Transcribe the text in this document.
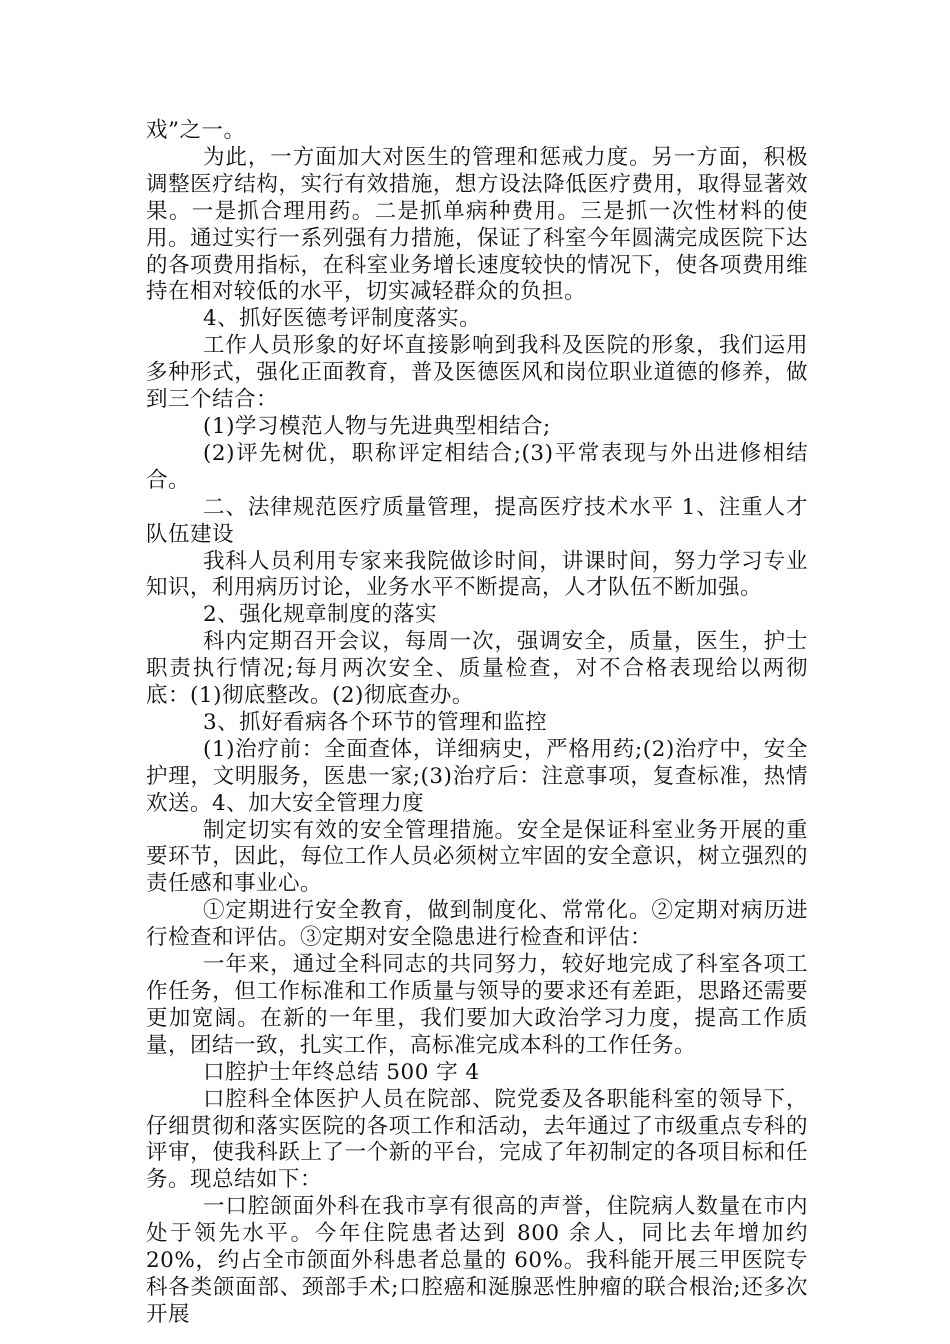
戏”之一。

为此，一方面加大对医生的管理和惩戒力度。另一方面，积极调整医疗结构，实行有效措施，想方设法降低医疗费用，取得显著效果。一是抓合理用药。二是抓单病种费用。三是抓一次性材料的使用。通过实行一系列强有力措施，保证了科室今年圆满完成医院下达的各项费用指标，在科室业务增长速度较快的情况下，使各项费用维持在相对较低的水平，切实减轻群众的负担。

4、抓好医德考评制度落实。

工作人员形象的好坏直接影响到我科及医院的形象，我们运用多种形式，强化正面教育，普及医德医风和岗位职业道德的修养，做到三个结合：

(1)学习模范人物与先进典型相结合;

(2)评先树优，职称评定相结合;(3)平常表现与外出进修相结合。

二、法律规范医疗质量管理，提高医疗技术水平 1、注重人才队伍建设

我科人员利用专家来我院做诊时间，讲课时间，努力学习专业知识，利用病历讨论，业务水平不断提高，人才队伍不断加强。

2、强化规章制度的落实

科内定期召开会议，每周一次，强调安全，质量，医生，护士职责执行情况;每月两次安全、质量检查，对不合格表现给以两彻底：(1)彻底整改。(2)彻底查办。

3、抓好看病各个环节的管理和监控

(1)治疗前：全面查体，详细病史，严格用药;(2)治疗中，安全护理，文明服务，医患一家;(3)治疗后：注意事项，复查标准，热情欢送。4、加大安全管理力度

制定切实有效的安全管理措施。安全是保证科室业务开展的重要环节，因此，每位工作人员必须树立牢固的安全意识，树立强烈的责任感和事业心。

①定期进行安全教育，做到制度化、常常化。②定期对病历进行检查和评估。③定期对安全隐患进行检查和评估：

一年来，通过全科同志的共同努力，较好地完成了科室各项工作任务，但工作标准和工作质量与领导的要求还有差距，思路还需要更加宽阔。在新的一年里，我们要加大政治学习力度，提高工作质量，团结一致，扎实工作，高标准完成本科的工作任务。

口腔护士年终总结 500 字 4

口腔科全体医护人员在院部、院党委及各职能科室的领导下，仔细贯彻和落实医院的各项工作和活动，去年通过了市级重点专科的评审，使我科跃上了一个新的平台，完成了年初制定的各项目标和任务。现总结如下：

一口腔颌面外科在我市享有很高的声誉，住院病人数量在市内处于领先水平。今年住院患者达到 800 余人，同比去年增加约 20%，约占全市颌面外科患者总量的 60%。我科能开展三甲医院专科各类颌面部、颈部手术;口腔癌和涎腺恶性肿瘤的联合根治;还多次开展
